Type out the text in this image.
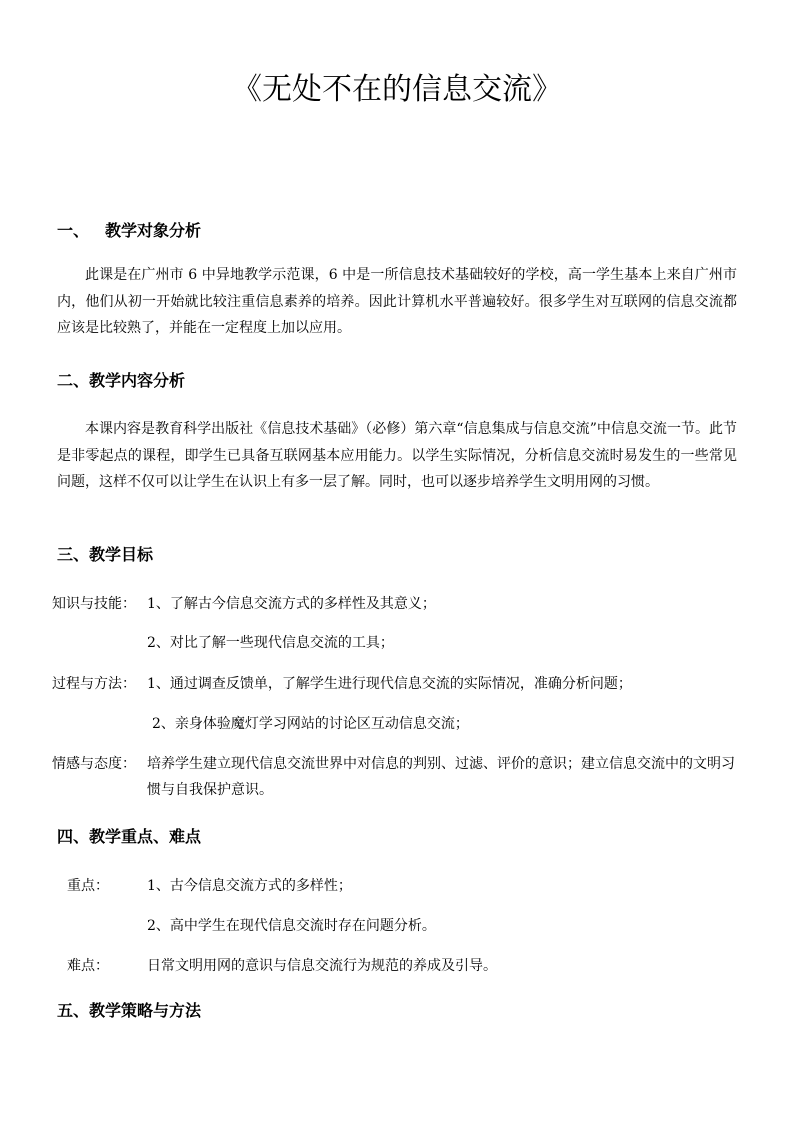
《无处不在的信息交流》
一、 教学对象分析

此课是在广州市 6 中异地教学示范课，6 中是一所信息技术基础较好的学校，高一学生基本上来自广州市内，他们从初一开始就比较注重信息素养的培养。因此计算机水平普遍较好。很多学生对互联网的信息交流都应该是比较熟了，并能在一定程度上加以应用。

二、教学内容分析

本课内容是教育科学出版社《信息技术基础》（必修）第六章“信息集成与信息交流”中信息交流一节。此节是非零起点的课程，即学生已具备互联网基本应用能力。以学生实际情况，分析信息交流时易发生的一些常见问题，这样不仅可以让学生在认识上有多一层了解。同时，也可以逐步培养学生文明用网的习惯。

三、教学目标
知识与技能： 1、了解古今信息交流方式的多样性及其意义；
2、对比了解一些现代信息交流的工具；
过程与方法： 1、通过调查反馈单，了解学生进行现代信息交流的实际情况，准确分析问题；
2、亲身体验魔灯学习网站的讨论区互动信息交流；
情感与态度： 培养学生建立现代信息交流世界中对信息的判别、过滤、评价的意识；建立信息交流中的文明习惯与自我保护意识。
四、教学重点、难点
重点：	1、古今信息交流方式的多样性；
2、高中学生在现代信息交流时存在问题分析。
难点：	日常文明用网的意识与信息交流行为规范的养成及引导。
五、教学策略与方法
